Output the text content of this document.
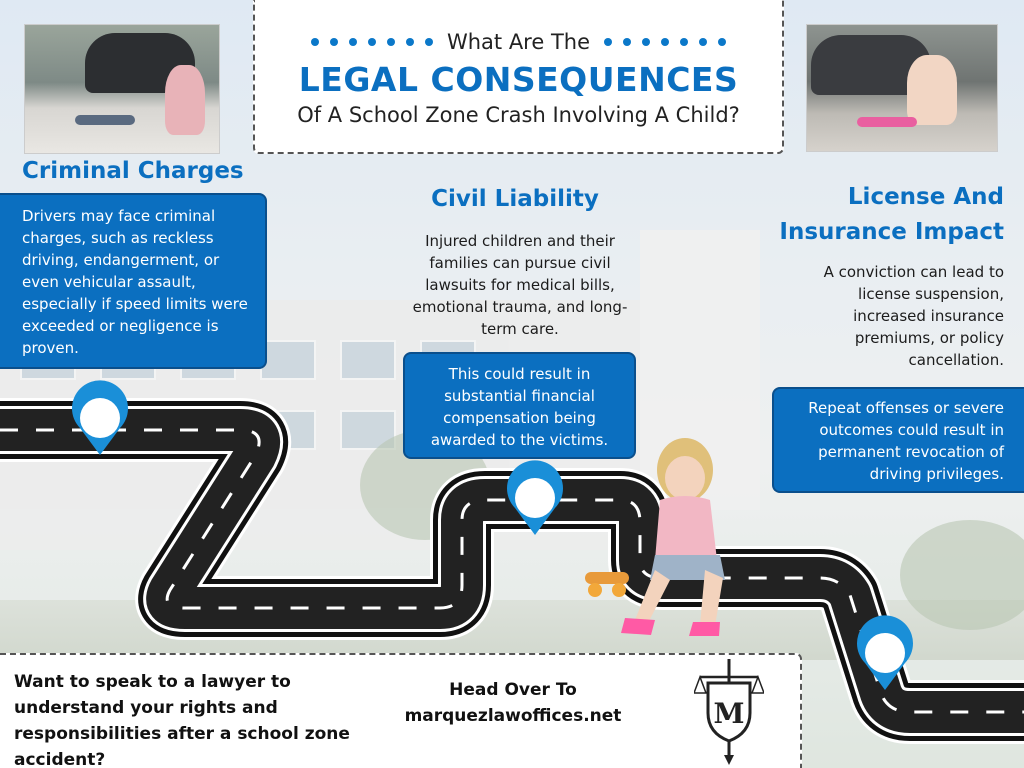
What Are The
LEGAL CONSEQUENCES
Of A School Zone Crash Involving A Child?
Criminal Charges
Drivers may face criminal charges, such as reckless driving, endangerment, or even vehicular assault, especially if speed limits were exceeded or negligence is proven.
Civil Liability
Injured children and their families can pursue civil lawsuits for medical bills, emotional trauma, and long-term care.
This could result in substantial financial compensation being awarded to the victims.
License And
Insurance Impact
A conviction can lead to license suspension, increased insurance premiums, or policy cancellation.
Repeat offenses or severe outcomes could result in permanent revocation of driving privileges.
Want to speak to a lawyer to understand your rights and responsibilities after a school zone accident?
Head Over To
marquezlawoffices.net	M
